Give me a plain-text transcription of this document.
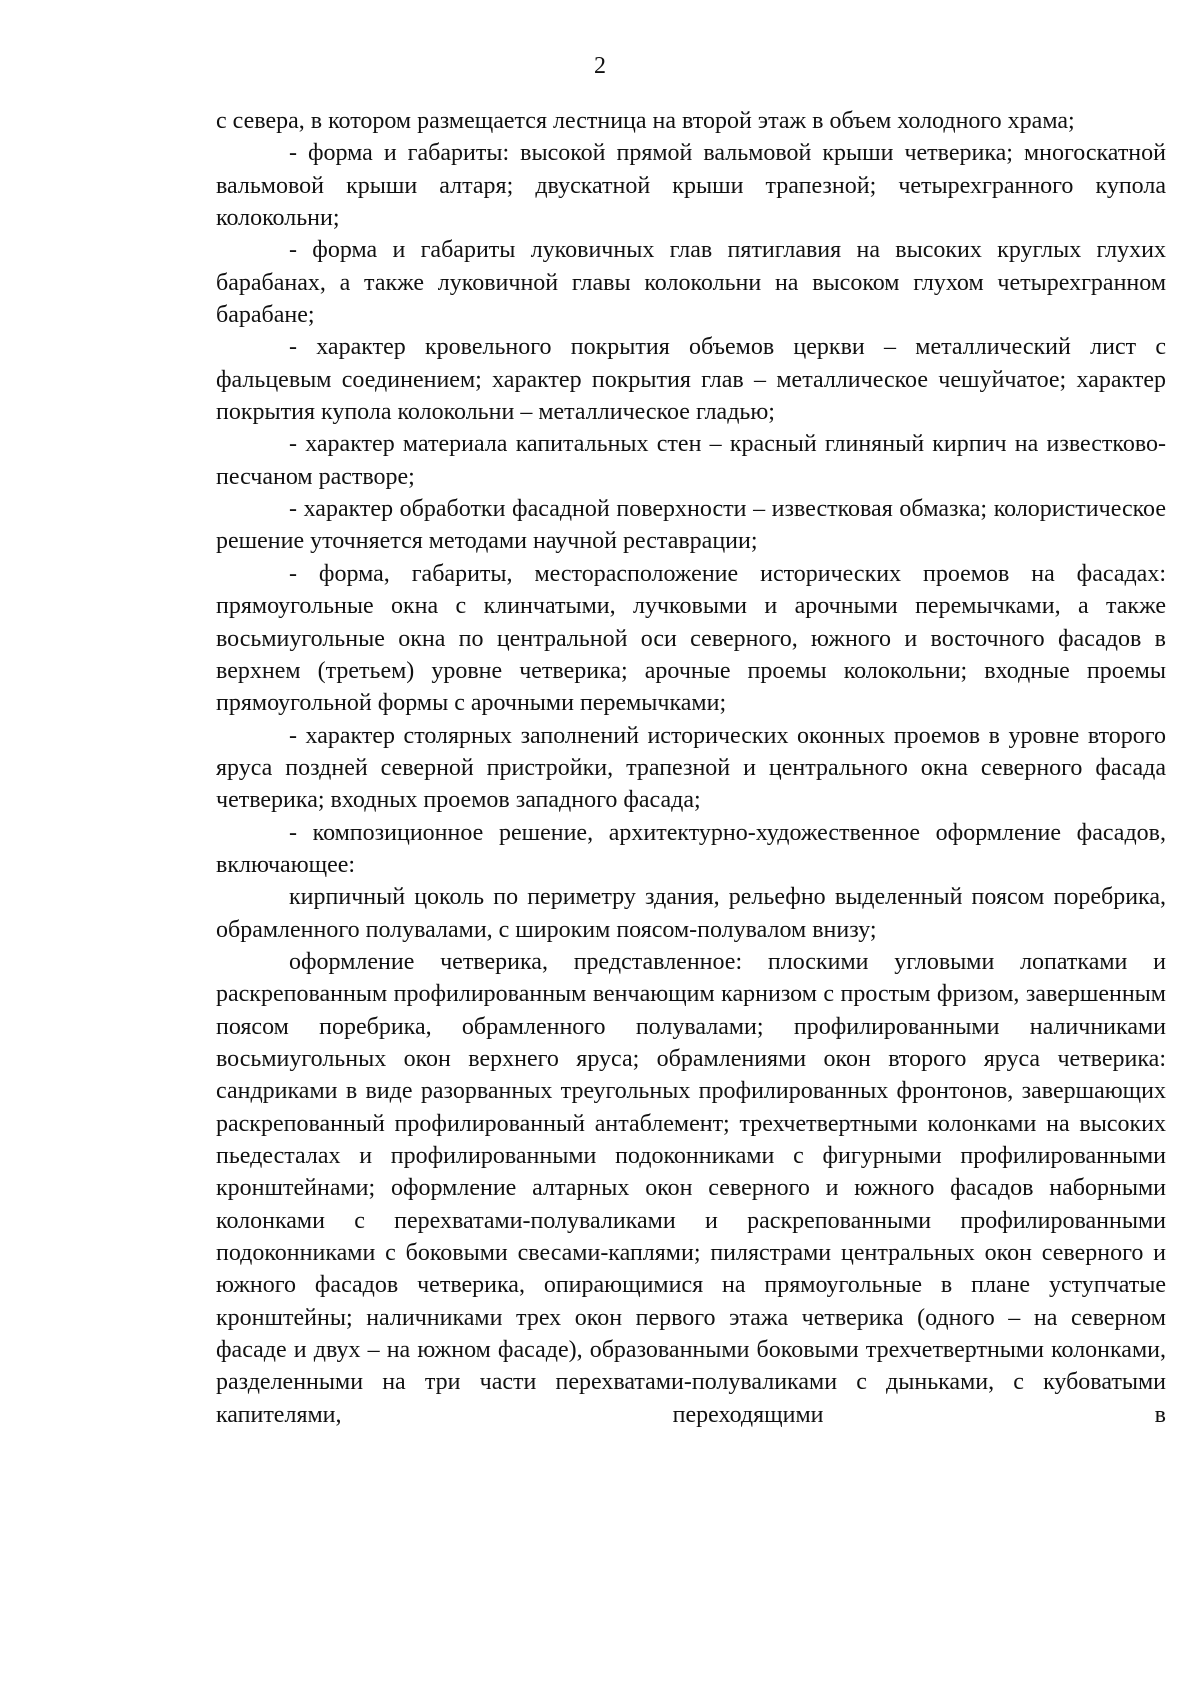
2

с севера, в котором размещается лестница на второй этаж в объем холодного храма;

- форма и габариты: высокой прямой вальмовой крыши четверика; многоскатной вальмовой крыши алтаря; двускатной крыши трапезной; четырехгранного купола колокольни;

- форма и габариты луковичных глав пятиглавия на высоких круглых глухих барабанах, а также луковичной главы колокольни на высоком глухом четырехгранном барабане;

- характер кровельного покрытия объемов церкви – металлический лист с фальцевым соединением; характер покрытия глав – металлическое чешуйчатое; характер покрытия купола колокольни – металлическое гладью;

- характер материала капитальных стен – красный глиняный кирпич на известково-песчаном растворе;

- характер обработки фасадной поверхности – известковая обмазка; колористическое решение уточняется методами научной реставрации;

- форма, габариты, месторасположение исторических проемов на фасадах: прямоугольные окна с клинчатыми, лучковыми и арочными перемычками, а также восьмиугольные окна по центральной оси северного, южного и восточного фасадов в верхнем (третьем) уровне четверика; арочные проемы колокольни; входные проемы прямоугольной формы с арочными перемычками;

- характер столярных заполнений исторических оконных проемов в уровне второго яруса поздней северной пристройки, трапезной и центрального окна северного фасада четверика; входных проемов западного фасада;

- композиционное решение, архитектурно-художественное оформление фасадов, включающее:

кирпичный цоколь по периметру здания, рельефно выделенный поясом поребрика, обрамленного полувалами, с широким поясом-полувалом внизу;

оформление четверика, представленное: плоскими угловыми лопатками и раскрепованным профилированным венчающим карнизом с простым фризом, завершенным поясом поребрика, обрамленного полувалами; профилированными наличниками восьмиугольных окон верхнего яруса; обрамлениями окон второго яруса четверика: сандриками в виде разорванных треугольных профилированных фронтонов, завершающих раскрепованный профилированный антаблемент; трехчетвертными колонками на высоких пьедесталах и профилированными подоконниками с фигурными профилированными кронштейнами; оформление алтарных окон северного и южного фасадов наборными колонками с перехватами-полуваликами и раскрепованными профилированными подоконниками с боковыми свесами-каплями; пилястрами центральных окон северного и южного фасадов четверика, опирающимися на прямоугольные в плане уступчатые кронштейны; наличниками трех окон первого этажа четверика (одного – на северном фасаде и двух – на южном фасаде), образованными боковыми трехчетвертными колонками, разделенными на три части перехватами-полуваликами с дыньками, с кубоватыми капителями, переходящими в
